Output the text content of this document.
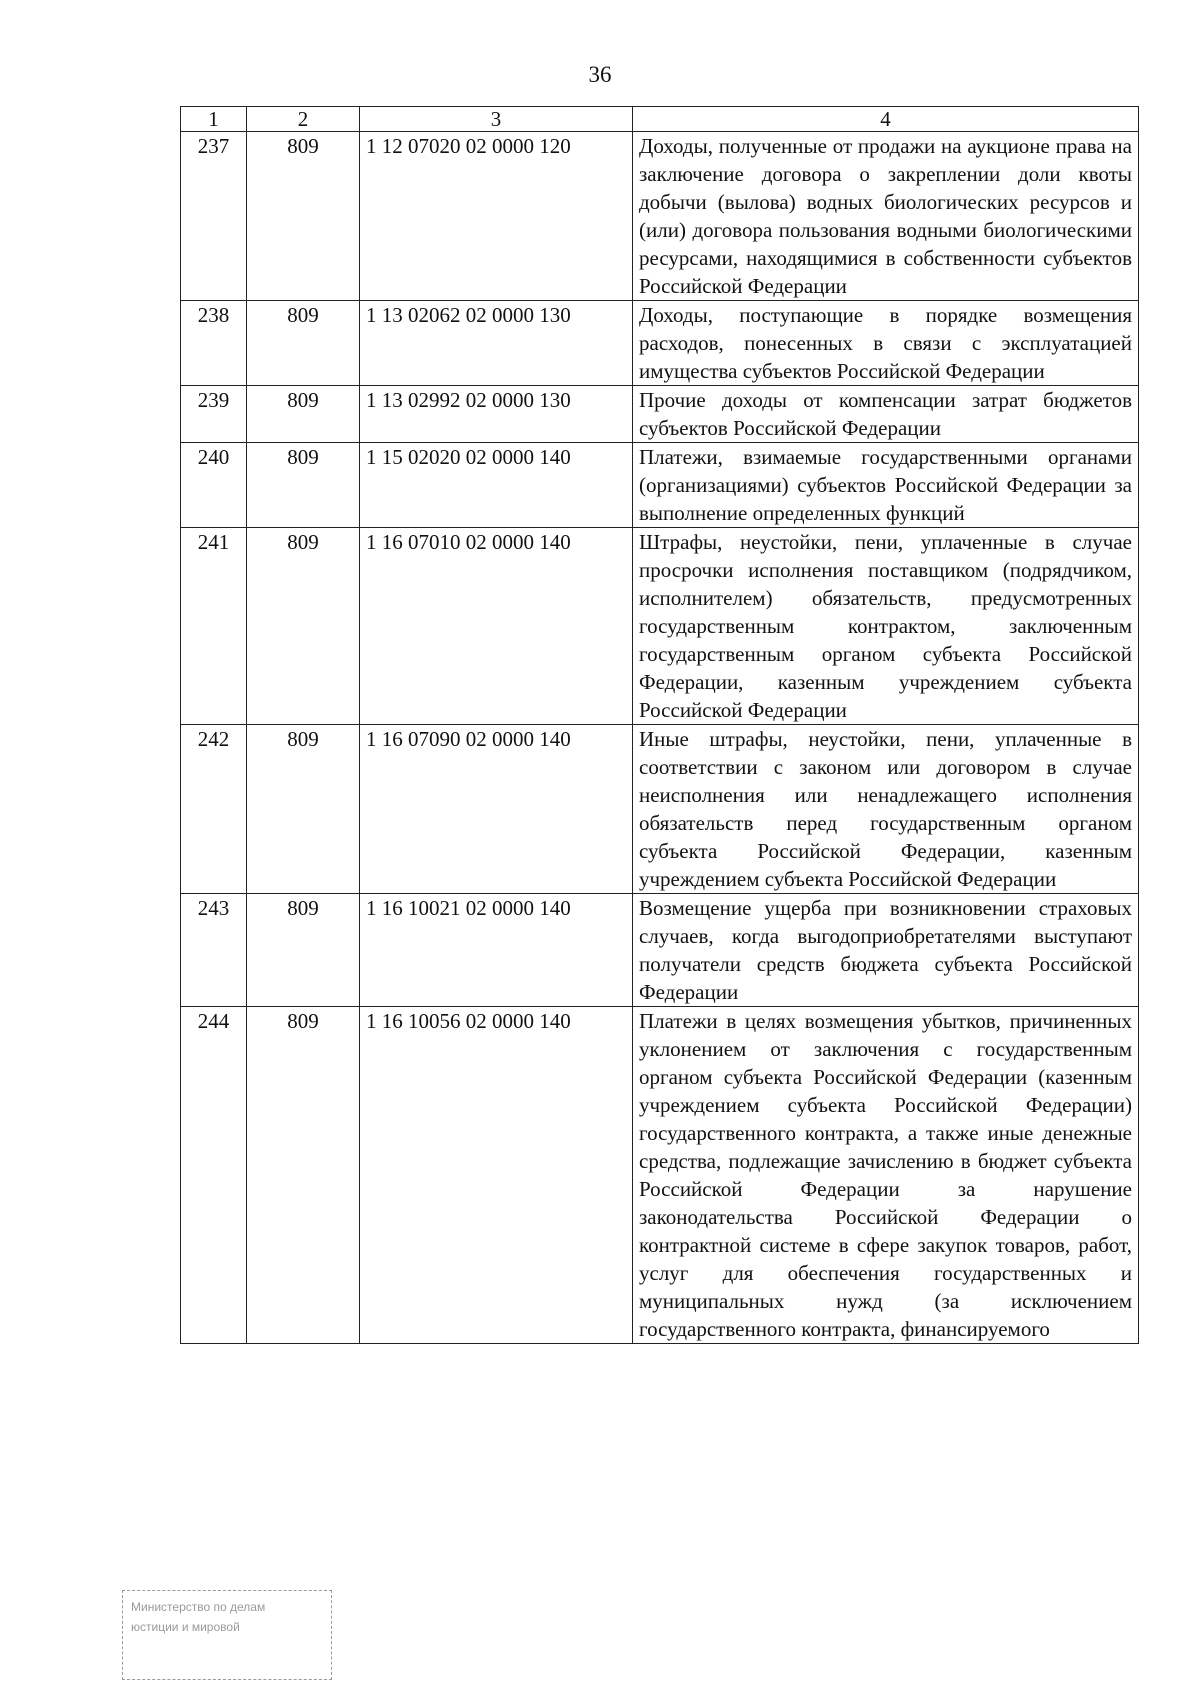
36
1	2	3	4
237	809	1 12 07020 02 0000 120	Доходы, полученные от продажи на аукционе права на заключение договора о закреплении доли квоты добычи (вылова) водных биологических ресурсов и (или) договора пользования водными биологическими ресурсами, находящимися в собственности субъектов Российской Федерации
238	809	1 13 02062 02 0000 130	Доходы, поступающие в порядке возмещения расходов, понесенных в связи с эксплуатацией имущества субъектов Российской Федерации
239	809	1 13 02992 02 0000 130	Прочие доходы от компенсации затрат бюджетов субъектов Российской Федерации
240	809	1 15 02020 02 0000 140	Платежи, взимаемые государственными органами (организациями) субъектов Российской Федерации за выполнение определенных функций
241	809	1 16 07010 02 0000 140	Штрафы, неустойки, пени, уплаченные в случае просрочки исполнения поставщиком (подрядчиком, исполнителем) обязательств, предусмотренных государственным контрактом, заключенным государственным органом субъекта Российской Федерации, казенным учреждением субъекта Российской Федерации
242	809	1 16 07090 02 0000 140	Иные штрафы, неустойки, пени, уплаченные в соответствии с законом или договором в случае неисполнения или ненадлежащего исполнения обязательств перед государственным органом субъекта Российской Федерации, казенным учреждением субъекта Российской Федерации
243	809	1 16 10021 02 0000 140	Возмещение ущерба при возникновении страховых случаев, когда выгодоприобретателями выступают получатели средств бюджета субъекта Российской Федерации
244	809	1 16 10056 02 0000 140	Платежи в целях возмещения убытков, причиненных уклонением от заключения с государственным органом субъекта Российской Федерации (казенным учреждением субъекта Российской Федерации) государственного контракта, а также иные денежные средства, подлежащие зачислению в бюджет субъекта Российской Федерации за нарушение законодательства Российской Федерации о контрактной системе в сфере закупок товаров, работ, услуг для обеспечения государственных и муниципальных нужд (за исключением государственного контракта, финансируемого
Министерство по делам
юстиции и мировой
